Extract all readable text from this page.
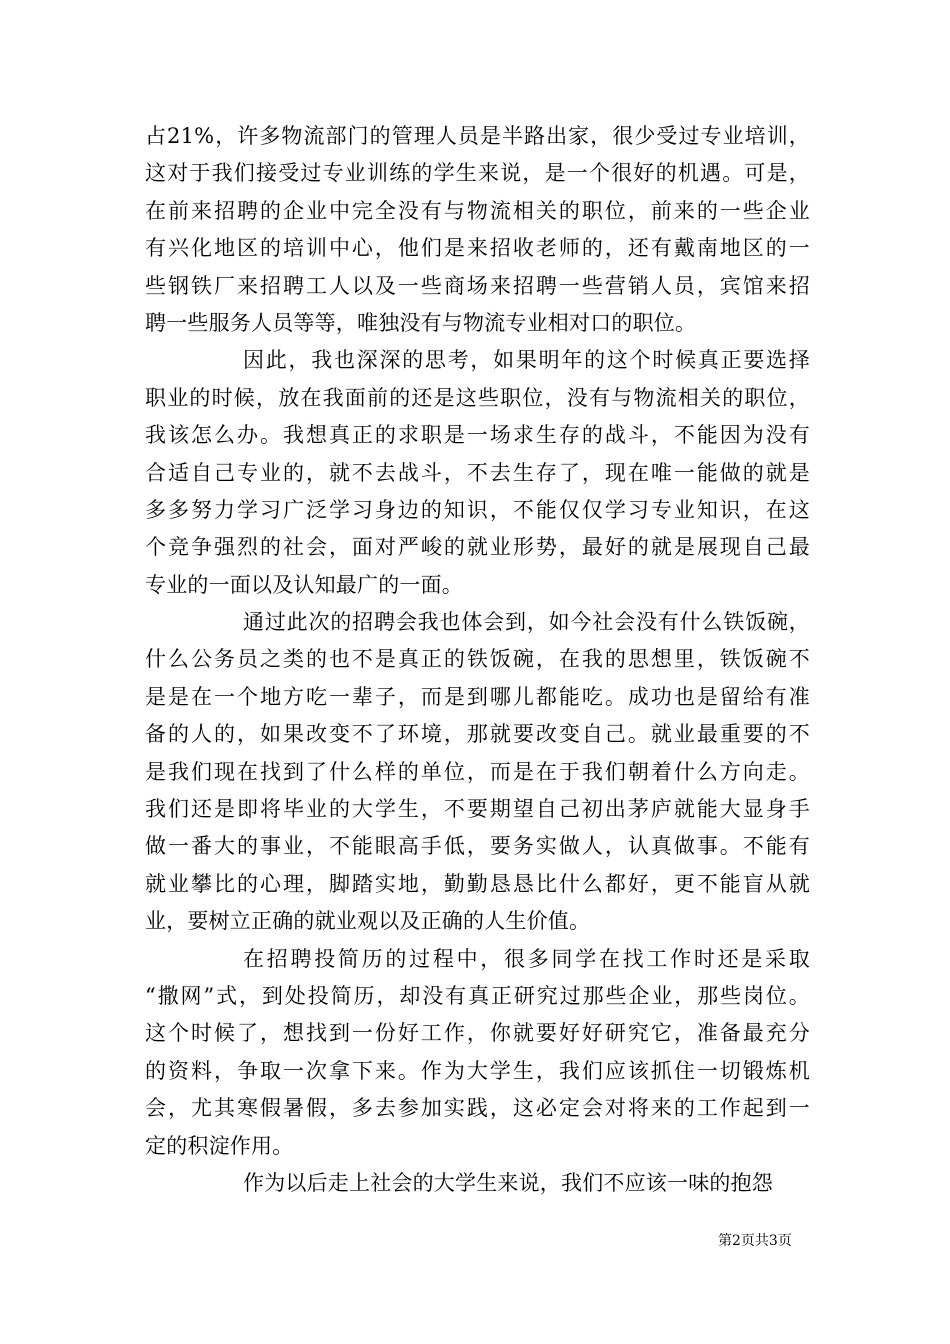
占21%，许多物流部门的管理人员是半路出家，很少受过专业培训，
这对于我们接受过专业训练的学生来说，是一个很好的机遇。可是，
在前来招聘的企业中完全没有与物流相关的职位，前来的一些企业
有兴化地区的培训中心，他们是来招收老师的，还有戴南地区的一
些钢铁厂来招聘工人以及一些商场来招聘一些营销人员，宾馆来招
聘一些服务人员等等，唯独没有与物流专业相对口的职位。
因此，我也深深的思考，如果明年的这个时候真正要选择
职业的时候，放在我面前的还是这些职位，没有与物流相关的职位，
我该怎么办。我想真正的求职是一场求生存的战斗，不能因为没有
合适自己专业的，就不去战斗，不去生存了，现在唯一能做的就是
多多努力学习广泛学习身边的知识，不能仅仅学习专业知识，在这
个竞争强烈的社会，面对严峻的就业形势，最好的就是展现自己最
专业的一面以及认知最广的一面。
通过此次的招聘会我也体会到，如今社会没有什么铁饭碗，
什么公务员之类的也不是真正的铁饭碗，在我的思想里，铁饭碗不
是是在一个地方吃一辈子，而是到哪儿都能吃。成功也是留给有准
备的人的，如果改变不了环境，那就要改变自己。就业最重要的不
是我们现在找到了什么样的单位，而是在于我们朝着什么方向走。
我们还是即将毕业的大学生，不要期望自己初出茅庐就能大显身手
做一番大的事业，不能眼高手低，要务实做人，认真做事。不能有
就业攀比的心理，脚踏实地，勤勤恳恳比什么都好，更不能盲从就
业，要树立正确的就业观以及正确的人生价值。
在招聘投简历的过程中，很多同学在找工作时还是采取
“撒网”式，到处投简历，却没有真正研究过那些企业，那些岗位。
这个时候了，想找到一份好工作，你就要好好研究它，准备最充分
的资料，争取一次拿下来。作为大学生，我们应该抓住一切锻炼机
会，尤其寒假暑假，多去参加实践，这必定会对将来的工作起到一
定的积淀作用。
作为以后走上社会的大学生来说，我们不应该一味的抱怨
第2页共3页
